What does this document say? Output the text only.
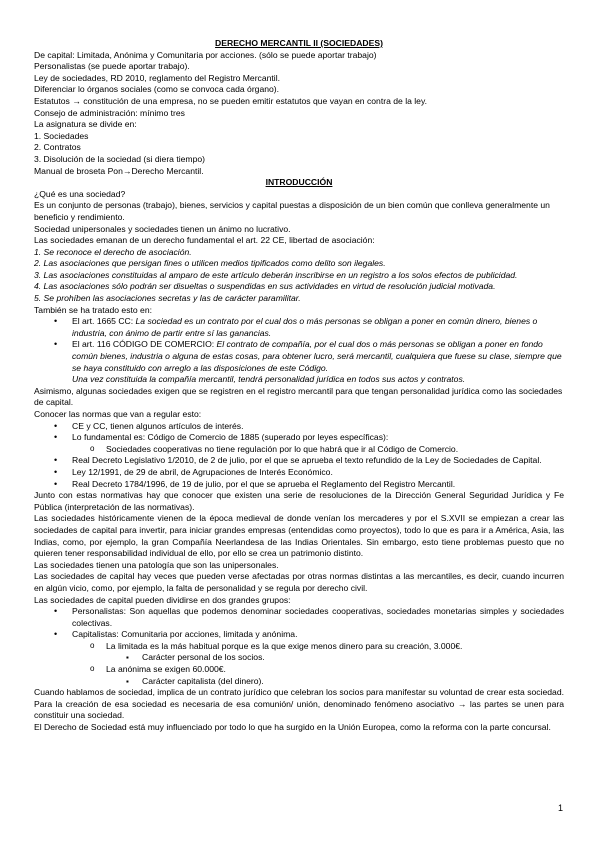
DERECHO MERCANTIL II (SOCIEDADES)
De capital: Limitada, Anónima y Comunitaria por acciones. (sólo se puede aportar trabajo)
Personalistas (se puede aportar trabajo).
Ley de sociedades, RD 2010, reglamento del Registro Mercantil.
Diferenciar lo órganos sociales (como se convoca cada órgano).
Estatutos → constitución de una empresa, no se pueden emitir estatutos que vayan en contra de la ley.
Consejo de administración: mínimo tres
La asignatura se divide en:
1. Sociedades
2. Contratos
3. Disolución de la sociedad (si diera tiempo)
Manual de broseta Pon→Derecho Mercantil.
INTRODUCCIÓN
¿Qué es una sociedad?
Es un conjunto de personas (trabajo), bienes, servicios y capital puestas a disposición de un bien común que conlleva generalmente un beneficio y rendimiento.
Sociedad unipersonales y sociedades tienen un ánimo no lucrativo.
Las sociedades emanan de un derecho fundamental el art. 22 CE, libertad de asociación:
1. Se reconoce el derecho de asociación.
2. Las asociaciones que persigan fines o utilicen medios tipificados como delito son ilegales.
3. Las asociaciones constituidas al amparo de este artículo deberán inscribirse en un registro a los solos efectos de publicidad.
4. Las asociaciones sólo podrán ser disueltas o suspendidas en sus actividades en virtud de resolución judicial motivada.
5. Se prohíben las asociaciones secretas y las de carácter paramilitar.
También se ha tratado esto en:
• El art. 1665 CC: La sociedad es un contrato por el cual dos o más personas se obligan a poner en común dinero, bienes o industria, con ánimo de partir entre sí las ganancias.
• El art. 116 CÓDIGO DE COMERCIO: El contrato de compañía, por el cual dos o más personas se obligan a poner en fondo común bienes, industria o alguna de estas cosas, para obtener lucro, será mercantil, cualquiera que fuese su clase, siempre que se haya constituido con arreglo a las disposiciones de este Código.
Una vez constituida la compañía mercantil, tendrá personalidad jurídica en todos sus actos y contratos.
Asimismo, algunas sociedades exigen que se registren en el registro mercantil para que tengan personalidad jurídica como las sociedades de capital.
Conocer las normas que van a regular esto:
• CE y CC, tienen algunos artículos de interés.
• Lo fundamental es: Código de Comercio de 1885 (superado por leyes específicas):
o Sociedades cooperativas no tiene regulación por lo que habrá que ir al Código de Comercio.
• Real Decreto Legislativo 1/2010, de 2 de julio, por el que se aprueba el texto refundido de la Ley de Sociedades de Capital.
• Ley 12/1991, de 29 de abril, de Agrupaciones de Interés Económico.
• Real Decreto 1784/1996, de 19 de julio, por el que se aprueba el Reglamento del Registro Mercantil.
Junto con estas normativas hay que conocer que existen una serie de resoluciones de la Dirección General Seguridad Jurídica y Fe Pública (interpretación de las normativas).
Las sociedades históricamente vienen de la época medieval de donde venían los mercaderes y por el S.XVII se empiezan a crear las sociedades de capital para invertir, para iniciar grandes empresas (entendidas como proyectos), todo lo que es para ir a América, Asia, las Indias, como, por ejemplo, la gran Compañía Neerlandesa de las Indias Orientales. Sin embargo, esto tiene problemas puesto que no quieren tener responsabilidad individual de ello, por ello se crea un patrimonio distinto.
Las sociedades tienen una patología que son las unipersonales.
Las sociedades de capital hay veces que pueden verse afectadas por otras normas distintas a las mercantiles, es decir, cuando incurren en algún vicio, como, por ejemplo, la falta de personalidad y se regula por derecho civil.
Las sociedades de capital pueden dividirse en dos grandes grupos:
• Personalistas: Son aquellas que podemos denominar sociedades cooperativas, sociedades monetarias simples y sociedades colectivas.
• Capitalistas: Comunitaria por acciones, limitada y anónima.
o La limitada es la más habitual porque es la que exige menos dinero para su creación, 3.000€.
▪ Carácter personal de los socios.
o La anónima se exigen 60.000€.
▪ Carácter capitalista (del dinero).
Cuando hablamos de sociedad, implica de un contrato jurídico que celebran los socios para manifestar su voluntad de crear esta sociedad. Para la creación de esa sociedad es necesaria de esa comunión/ unión, denominado fenómeno asociativo → las partes se unen para constituir una sociedad.
El Derecho de Sociedad está muy influenciado por todo lo que ha surgido en la Unión Europea, como la reforma con la parte concursal.
1
